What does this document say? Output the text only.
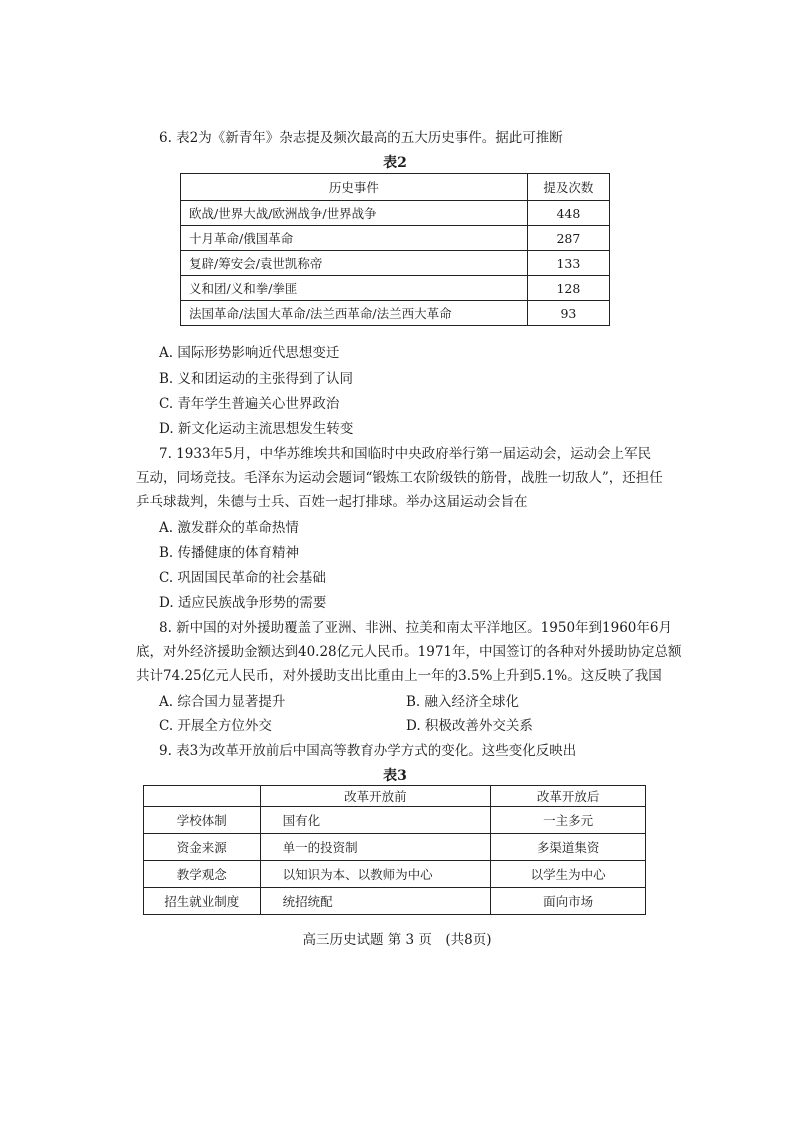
6. 表2为《新青年》杂志提及频次最高的五大历史事件。据此可推断
表2
历史事件	提及次数
欧战/世界大战/欧洲战争/世界战争	448
十月革命/俄国革命	287
复辟/筹安会/袁世凯称帝	133
义和团/义和拳/拳匪	128
法国革命/法国大革命/法兰西革命/法兰西大革命	93
A. 国际形势影响近代思想变迁
B. 义和团运动的主张得到了认同
C. 青年学生普遍关心世界政治
D. 新文化运动主流思想发生转变
7. 1933年5月，中华苏维埃共和国临时中央政府举行第一届运动会，运动会上军民
互动，同场竞技。毛泽东为运动会题词“锻炼工农阶级铁的筋骨，战胜一切敌人”，还担任
乒乓球裁判，朱德与士兵、百姓一起打排球。举办这届运动会旨在
A. 激发群众的革命热情
B. 传播健康的体育精神
C. 巩固国民革命的社会基础
D. 适应民族战争形势的需要
8. 新中国的对外援助覆盖了亚洲、非洲、拉美和南太平洋地区。1950年到1960年6月
底，对外经济援助金额达到40.28亿元人民币。1971年，中国签订的各种对外援助协定总额
共计74.25亿元人民币，对外援助支出比重由上一年的3.5%上升到5.1%。这反映了我国
A. 综合国力显著提升	B. 融入经济全球化
C. 开展全方位外交	D. 积极改善外交关系
9. 表3为改革开放前后中国高等教育办学方式的变化。这些变化反映出
表3
	改革开放前	改革开放后
学校体制	国有化	一主多元
资金来源	单一的投资制	多渠道集资
教学观念	以知识为本、以教师为中心	以学生为中心
招生就业制度	统招统配	面向市场
高三历史试题 第 3 页　(共8页)
